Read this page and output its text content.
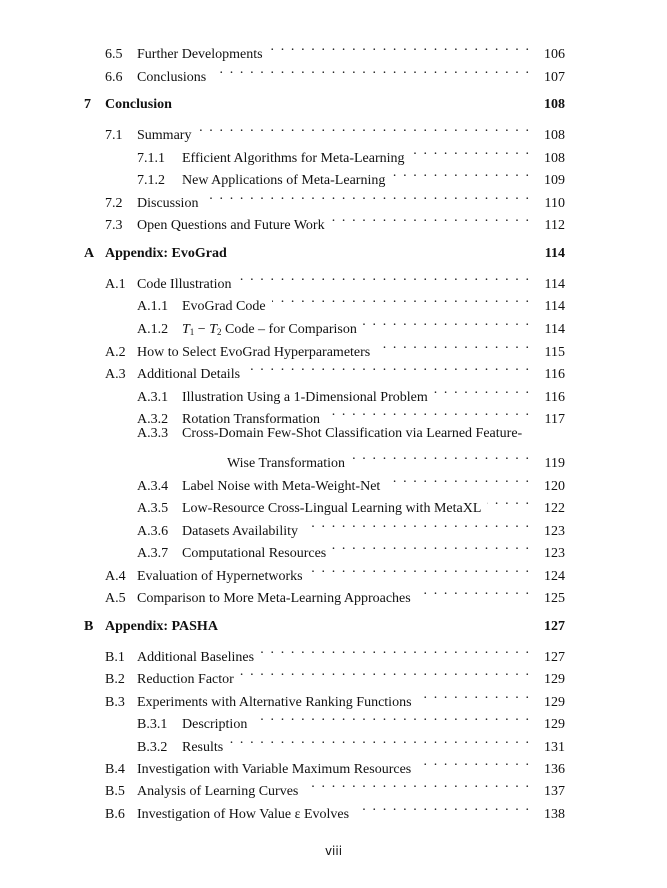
6.5	Further Developments . . .	106
6.6	Conclusions . . .	107
7	Conclusion	108
7.1	Summary . . .	108
7.1.1	Efficient Algorithms for Meta-Learning . . .	108
7.1.2	New Applications of Meta-Learning . . .	109
7.2	Discussion . . .	110
7.3	Open Questions and Future Work . . .	112
A Appendix: EvoGrad	114
A.1 Code Illustration . . .	114
A.1.1 EvoGrad Code . . .	114
A.1.2 $T_1 - T_2$ Code – for Comparison . . .	114
A.2 How to Select EvoGrad Hyperparameters . . .	115
A.3 Additional Details . . .	116
A.3.1 Illustration Using a 1-Dimensional Problem . . .	116
A.3.2 Rotation Transformation . . .	117
A.3.3 Cross-Domain Few-Shot Classification via Learned Feature-
Wise Transformation . . .	119
A.3.4 Label Noise with Meta-Weight-Net . . .	120
A.3.5 Low-Resource Cross-Lingual Learning with MetaXL . . .	122
A.3.6 Datasets Availability . . .	123
A.3.7 Computational Resources . . .	123
A.4 Evaluation of Hypernetworks . . .	124
A.5 Comparison to More Meta-Learning Approaches . . .	125
B Appendix: PASHA	127
B.1 Additional Baselines . . .	127
B.2 Reduction Factor . . .	129
B.3 Experiments with Alternative Ranking Functions . . .	129
B.3.1	Description . . .	129
B.3.2	Results . . .	131
B.4 Investigation with Variable Maximum Resources . . .	136
B.5 Analysis of Learning Curves . . .	137
B.6 Investigation of How Value ε Evolves . . .	138
viii
